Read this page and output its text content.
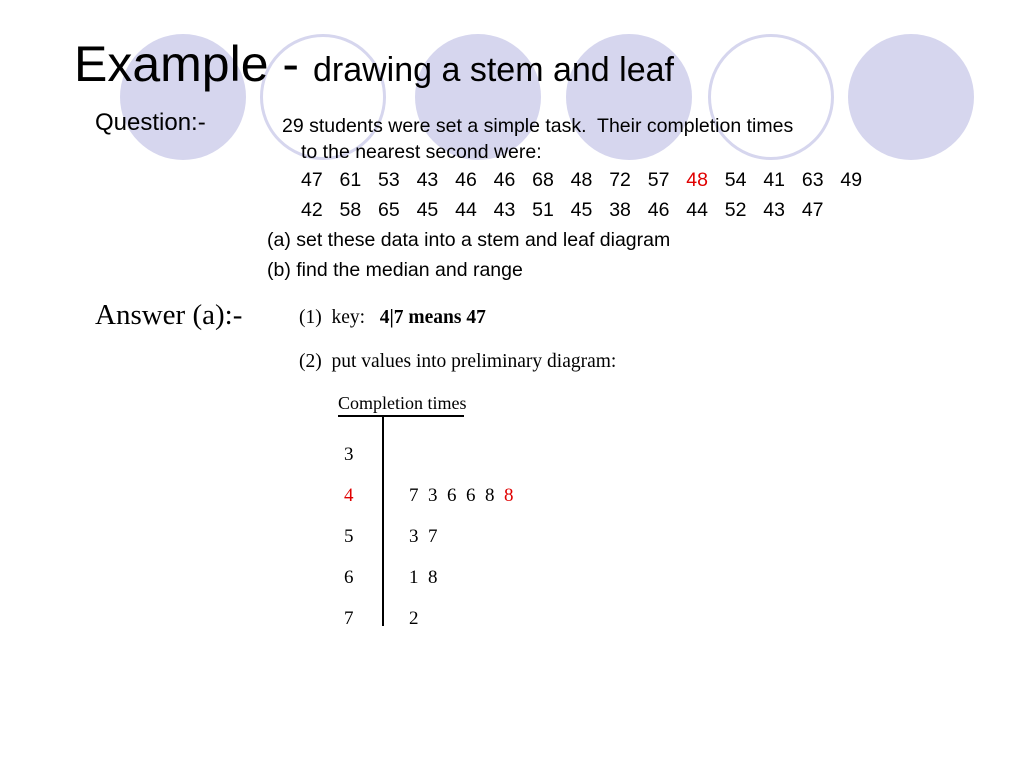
Example - drawing a stem and leaf
Question:-	29 students were set a simple task.  Their completion times
to the nearest second were:
47  61  53  43  46  46  68  48  72  57  48  54  41  63  49
42  58  65  45  44  43  51  45  38  46  44  52  43  47
(a) set these data into a stem and leaf diagram
(b) find the median and range
Answer (a):-	(1)  key:   4|7 means 47
(2)  put values into preliminary diagram:
Completion times
3
4	7  3  6  6  8  8
5	3  7
6	1  8
7	2
